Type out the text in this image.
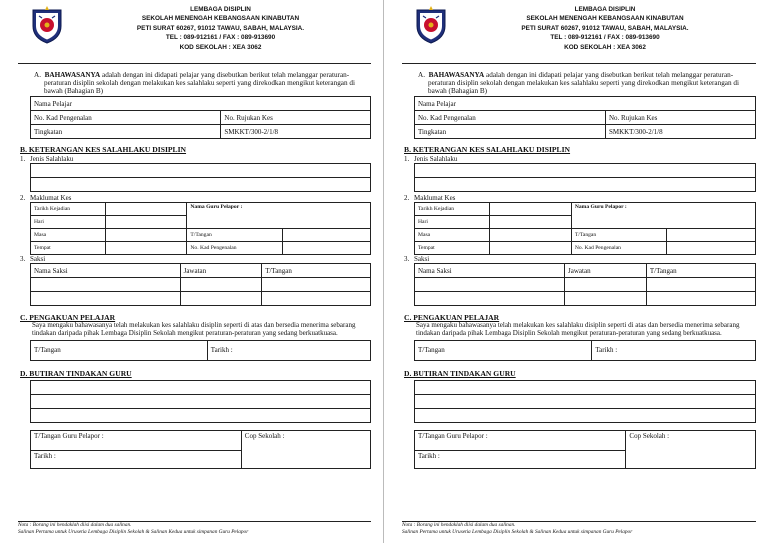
LEMBAGA DISIPLIN
SEKOLAH MENENGAH KEBANGSAAN KINABUTAN
PETI SURAT 60267, 91012 TAWAU, SABAH, MALAYSIA.
TEL : 089-912161 / FAX : 089-913690
KOD SEKOLAH : XEA 3062
A. BAHAWASANYA adalah dengan ini didapati pelajar yang disebutkan berikut telah melanggar peraturan-peraturan disiplin sekolah dengan melakukan kes salahlaku seperti yang direkodkan mengikut keterangan di bawah (Bahagian B)
Nama Pelajar	
No. Kad Pengenalan	No. Rujukan Kes
Tingkatan	SMKKT/300-2/1/8
B. KETERANGAN KES SALAHLAKU DISIPLIN
1. Jenis Salahlaku

2. Maklumat Kes
Tarikh Kejadian		Nama Guru Pelapor :	
Hari			
Masa		T/Tangan	
Tempat		No. Kad Pengenalan	
3. Saksi
Nama Saksi	Jawatan	T/Tangan

C. PENGAKUAN PELAJAR
Saya mengaku bahawasanya telah melakukan kes salahlaku disiplin seperti di atas dan bersedia menerima sebarang tindakan daripada pihak Lembaga Disiplin Sekolah mengikut peraturan-peraturan yang sedang berkuatkuasa.
T/Tangan	Tarikh :
D. BUTIRAN TINDAKAN GURU

T/Tangan Guru Pelapor :	Cop Sekolah :
Tarikh :
Nota : Borang ini hendaklah diisi dalam dua salinan.
Salinan Pertama untuk Urusetia Lembaga Disiplin Sekolah & Salinan Kedua untuk simpanan Guru Pelapor
LEMBAGA DISIPLIN
SEKOLAH MENENGAH KEBANGSAAN KINABUTAN
PETI SURAT 60267, 91012 TAWAU, SABAH, MALAYSIA.
TEL : 089-912161 / FAX : 089-913690
KOD SEKOLAH : XEA 3062
A. BAHAWASANYA adalah dengan ini didapati pelajar yang disebutkan berikut telah melanggar peraturan-peraturan disiplin sekolah dengan melakukan kes salahlaku seperti yang direkodkan mengikut keterangan di bawah (Bahagian B)
Nama Pelajar	
No. Kad Pengenalan	No. Rujukan Kes
Tingkatan	SMKKT/300-2/1/8
B. KETERANGAN KES SALAHLAKU DISIPLIN
1. Jenis Salahlaku

2. Maklumat Kes
Tarikh Kejadian		Nama Guru Pelapor :	
Hari			
Masa		T/Tangan	
Tempat		No. Kad Pengenalan	
3. Saksi
Nama Saksi	Jawatan	T/Tangan

C. PENGAKUAN PELAJAR
Saya mengaku bahawasanya telah melakukan kes salahlaku disiplin seperti di atas dan bersedia menerima sebarang tindakan daripada pihak Lembaga Disiplin Sekolah mengikut peraturan-peraturan yang sedang berkuatkuasa.
T/Tangan	Tarikh :
D. BUTIRAN TINDAKAN GURU

T/Tangan Guru Pelapor :	Cop Sekolah :
Tarikh :
Nota : Borang ini hendaklah diisi dalam dua salinan.
Salinan Pertama untuk Urusetia Lembaga Disiplin Sekolah & Salinan Kedua untuk simpanan Guru Pelapor
